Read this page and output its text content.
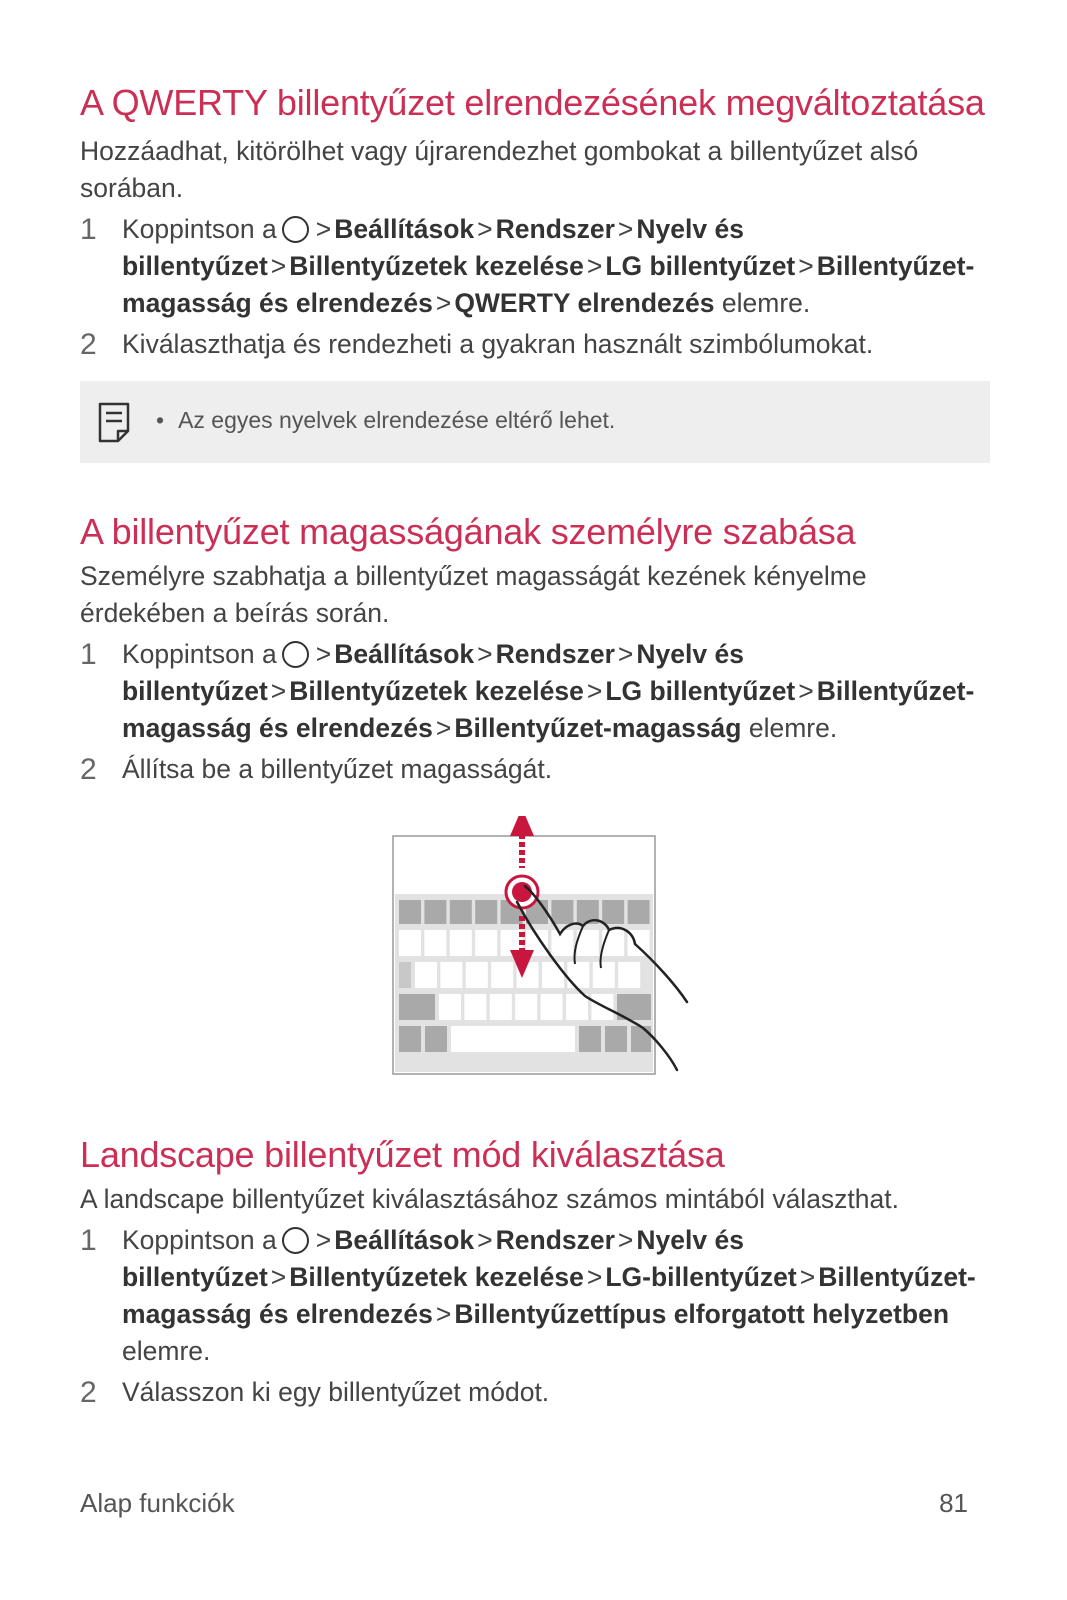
A QWERTY billentyűzet elrendezésének megváltoztatása

Hozzáadhat, kitörölhet vagy újrarendezhet gombokat a billentyűzet alsó sorában.

1 Koppintson a > Beállítások > Rendszer > Nyelv és billentyűzet > Billentyűzetek kezelése > LG billentyűzet > Billentyűzet-magasság és elrendezés > QWERTY elrendezés elemre.
2 Kiválaszthatja és rendezheti a gyakran használt szimbólumokat.
• Az egyes nyelvek elrendezése eltérő lehet.
A billentyűzet magasságának személyre szabása

Személyre szabhatja a billentyűzet magasságát kezének kényelme érdekében a beírás során.

1 Koppintson a > Beállítások > Rendszer > Nyelv és billentyűzet > Billentyűzetek kezelése > LG billentyűzet > Billentyűzet-magasság és elrendezés > Billentyűzet-magasság elemre.
2 Állítsa be a billentyűzet magasságát.
Landscape billentyűzet mód kiválasztása

A landscape billentyűzet kiválasztásához számos mintából választhat.

1 Koppintson a > Beállítások > Rendszer > Nyelv és billentyűzet > Billentyűzetek kezelése > LG-billentyűzet > Billentyűzet-magasság és elrendezés > Billentyűzettípus elforgatott helyzetben elemre.
2 Válasszon ki egy billentyűzet módot.
Alap funkciók	81
